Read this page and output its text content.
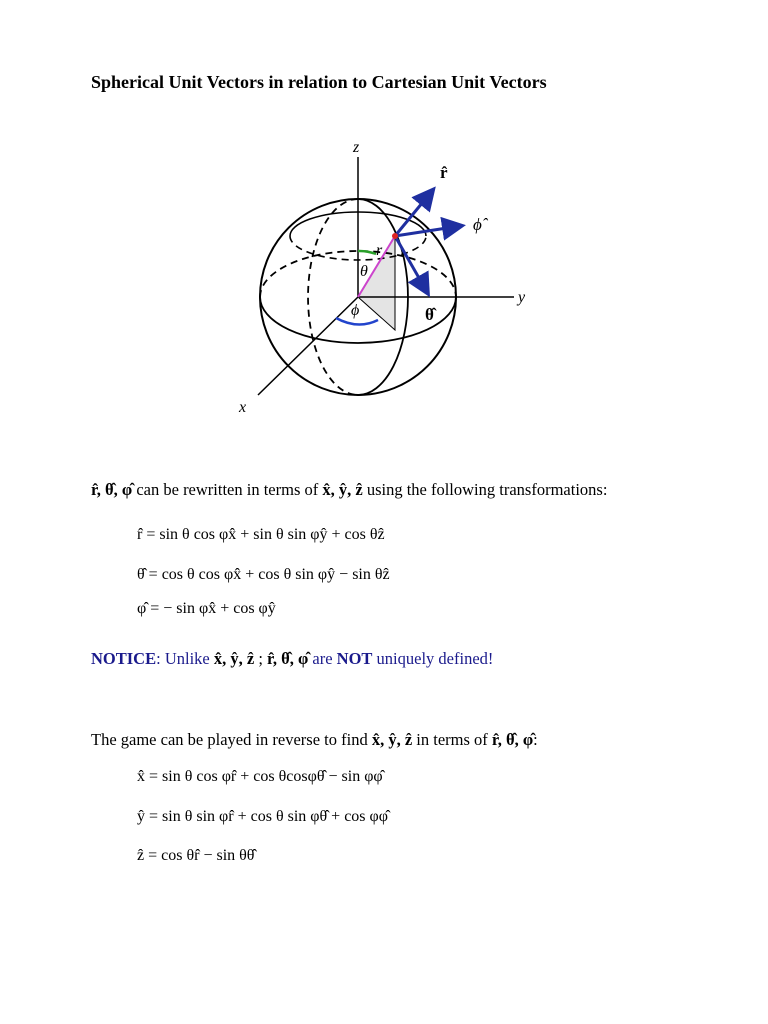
Spherical Unit Vectors in relation to Cartesian Unit Vectors
z
y
x
r
θ
ϕ
r̂
ϕ̂
θ̂
r̂, θ̂, φ̂ can be rewritten in terms of x̂, ŷ, ẑ using the following transformations:
r̂ = sin θ cos φx̂ + sin θ sin φŷ + cos θẑ
θ̂ = cos θ cos φx̂ + cos θ sin φŷ − sin θẑ
φ̂ = − sin φx̂ + cos φŷ
NOTICE: Unlike x̂, ŷ, ẑ ; r̂, θ̂, φ̂ are NOT uniquely defined!
The game can be played in reverse to find x̂, ŷ, ẑ in terms of r̂, θ̂, φ̂:
x̂ = sin θ cos φr̂ + cos θcosφθ̂ − sin φφ̂
ŷ = sin θ sin φr̂ + cos θ sin φθ̂ + cos φφ̂
ẑ = cos θr̂ − sin θθ̂
